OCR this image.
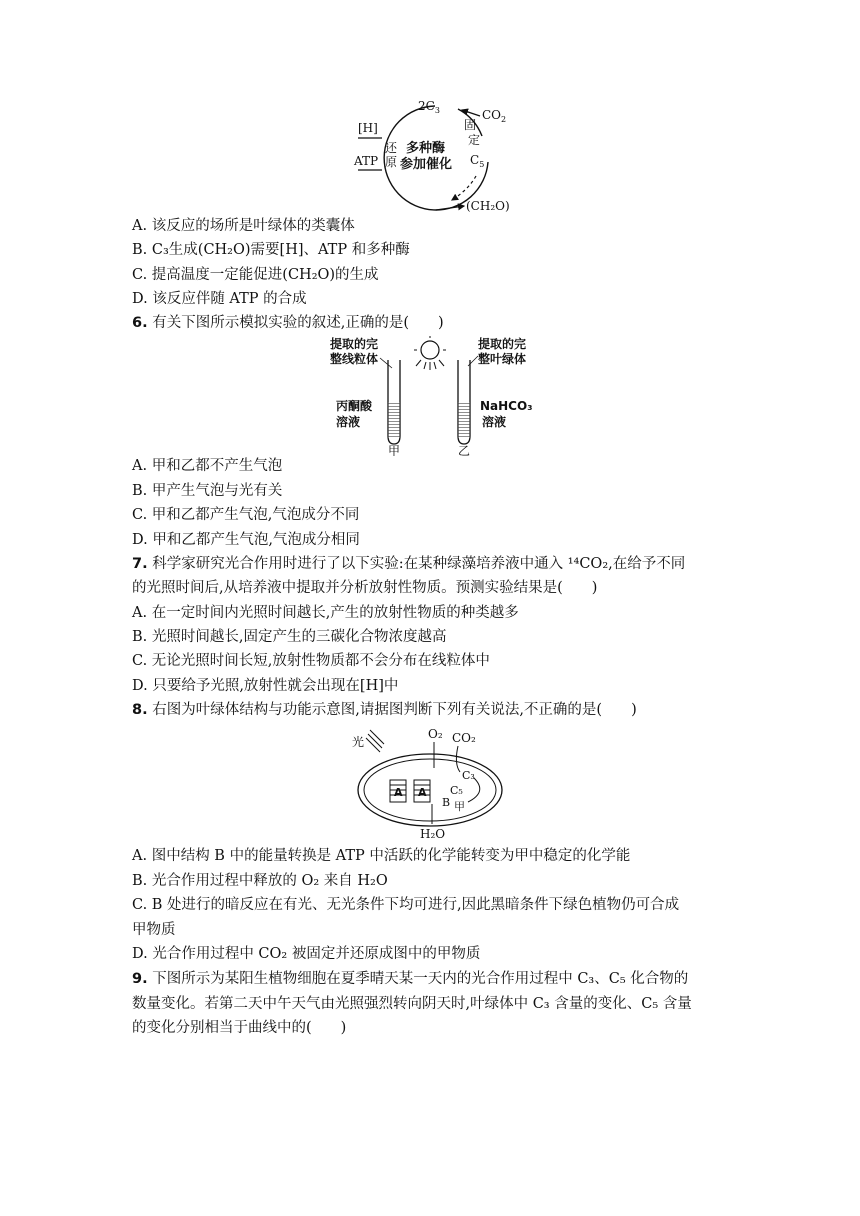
$2C_3$	$CO_2$
[H]
ATP
还
原
固
定
多种酶
参加催化 $C_5$
(CH₂O)
A. 该反应的场所是叶绿体的类囊体
B. C₃生成(CH₂O)需要[H]、ATP 和多种酶
C. 提高温度一定能促进(CH₂O)的生成
D. 该反应伴随 ATP 的合成
6. 有关下图所示模拟实验的叙述,正确的是(　　)
提取的完
整线粒体
丙酮酸
溶液
甲
提取的完
整叶绿体
NaHCO₃
溶液
乙
A. 甲和乙都不产生气泡
B. 甲产生气泡与光有关
C. 甲和乙都产生气泡,气泡成分不同
D. 甲和乙都产生气泡,气泡成分相同
7. 科学家研究光合作用时进行了以下实验:在某种绿藻培养液中通入 ¹⁴CO₂,在给予不同
的光照时间后,从培养液中提取并分析放射性物质。预测实验结果是(　　)
A. 在一定时间内光照时间越长,产生的放射性物质的种类越多
B. 光照时间越长,固定产生的三碳化合物浓度越高
C. 无论光照时间长短,放射性物质都不会分布在线粒体中
D. 只要给予光照,放射性就会出现在[H]中
8. 右图为叶绿体结构与功能示意图,请据图判断下列有关说法,不正确的是(　　)
光
A A
O₂ CO₂
C₃
C₅
B 甲
H₂O
A. 图中结构 B 中的能量转换是 ATP 中活跃的化学能转变为甲中稳定的化学能
B. 光合作用过程中释放的 O₂ 来自 H₂O
C. B 处进行的暗反应在有光、无光条件下均可进行,因此黑暗条件下绿色植物仍可合成
甲物质
D. 光合作用过程中 CO₂ 被固定并还原成图中的甲物质
9. 下图所示为某阳生植物细胞在夏季晴天某一天内的光合作用过程中 C₃、C₅ 化合物的
数量变化。若第二天中午天气由光照强烈转向阴天时,叶绿体中 C₃ 含量的变化、C₅ 含量
的变化分别相当于曲线中的(　　)
